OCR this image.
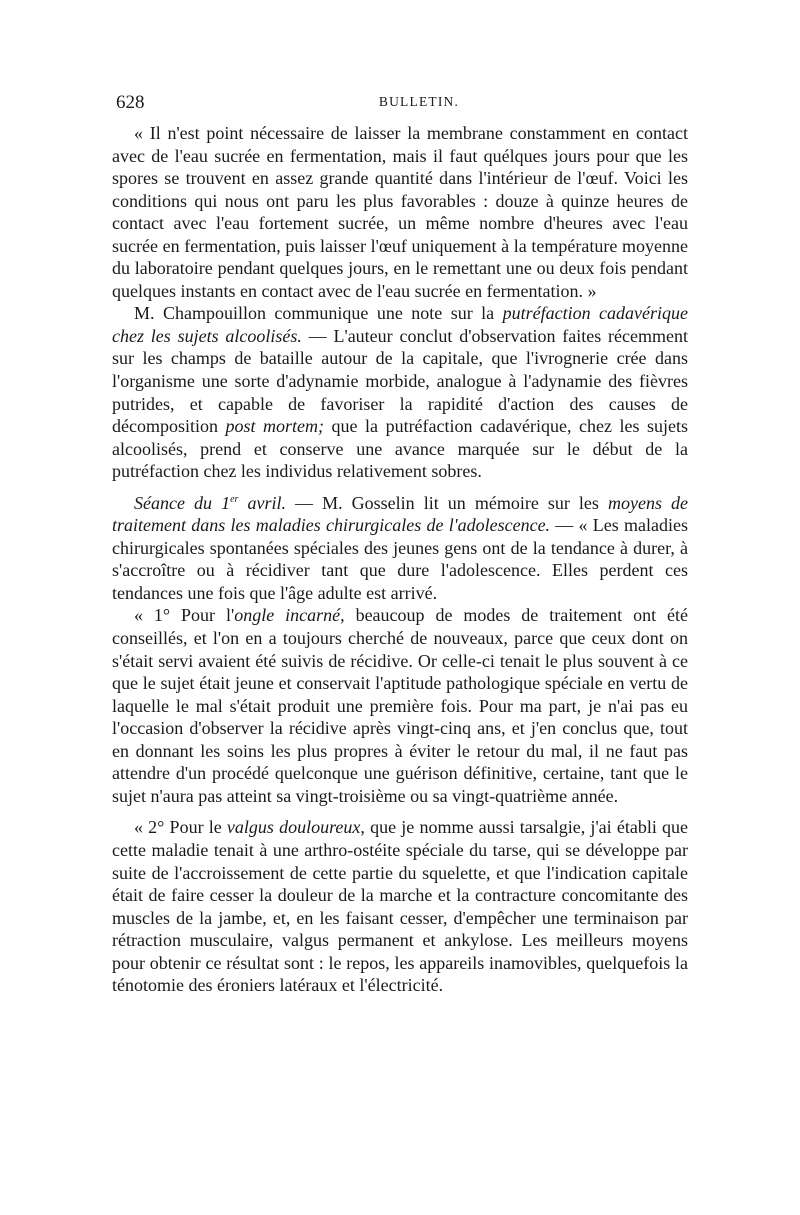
628	BULLETIN.

« Il n'est point nécessaire de laisser la membrane constamment en contact avec de l'eau sucrée en fermentation, mais il faut quélques jours pour que les spores se trouvent en assez grande quantité dans l'intérieur de l'œuf. Voici les conditions qui nous ont paru les plus favorables : douze à quinze heures de contact avec l'eau fortement sucrée, un même nombre d'heures avec l'eau sucrée en fermentation, puis laisser l'œuf uniquement à la température moyenne du laboratoire pendant quelques jours, en le remettant une ou deux fois pendant quelques instants en contact avec de l'eau sucrée en fermentation. »

M. Champouillon communique une note sur la putréfaction cadavérique chez les sujets alcoolisés. — L'auteur conclut d'observation faites récemment sur les champs de bataille autour de la capitale, que l'ivrognerie crée dans l'organisme une sorte d'adynamie morbide, analogue à l'adynamie des fièvres putrides, et capable de favoriser la rapidité d'action des causes de décomposition post mortem; que la putréfaction cadavérique, chez les sujets alcoolisés, prend et conserve une avance marquée sur le début de la putréfaction chez les individus relativement sobres.

Séance du 1er avril. — M. Gosselin lit un mémoire sur les moyens de traitement dans les maladies chirurgicales de l'adolescence. — « Les maladies chirurgicales spontanées spéciales des jeunes gens ont de la tendance à durer, à s'accroître ou à récidiver tant que dure l'adolescence. Elles perdent ces tendances une fois que l'âge adulte est arrivé.

« 1° Pour l'ongle incarné, beaucoup de modes de traitement ont été conseillés, et l'on en a toujours cherché de nouveaux, parce que ceux dont on s'était servi avaient été suivis de récidive. Or celle-ci tenait le plus souvent à ce que le sujet était jeune et conservait l'aptitude pathologique spéciale en vertu de laquelle le mal s'était produit une première fois. Pour ma part, je n'ai pas eu l'occasion d'observer la récidive après vingt-cinq ans, et j'en conclus que, tout en donnant les soins les plus propres à éviter le retour du mal, il ne faut pas attendre d'un procédé quelconque une guérison définitive, certaine, tant que le sujet n'aura pas atteint sa vingt-troisième ou sa vingt-quatrième année.

« 2° Pour le valgus douloureux, que je nomme aussi tarsalgie, j'ai établi que cette maladie tenait à une arthro-ostéite spéciale du tarse, qui se développe par suite de l'accroissement de cette partie du squelette, et que l'indication capitale était de faire cesser la douleur de la marche et la contracture concomitante des muscles de la jambe, et, en les faisant cesser, d'empêcher une terminaison par rétraction musculaire, valgus permanent et ankylose. Les meilleurs moyens pour obtenir ce résultat sont : le repos, les appareils inamovibles, quelquefois la ténotomie des éroniers latéraux et l'électricité.
